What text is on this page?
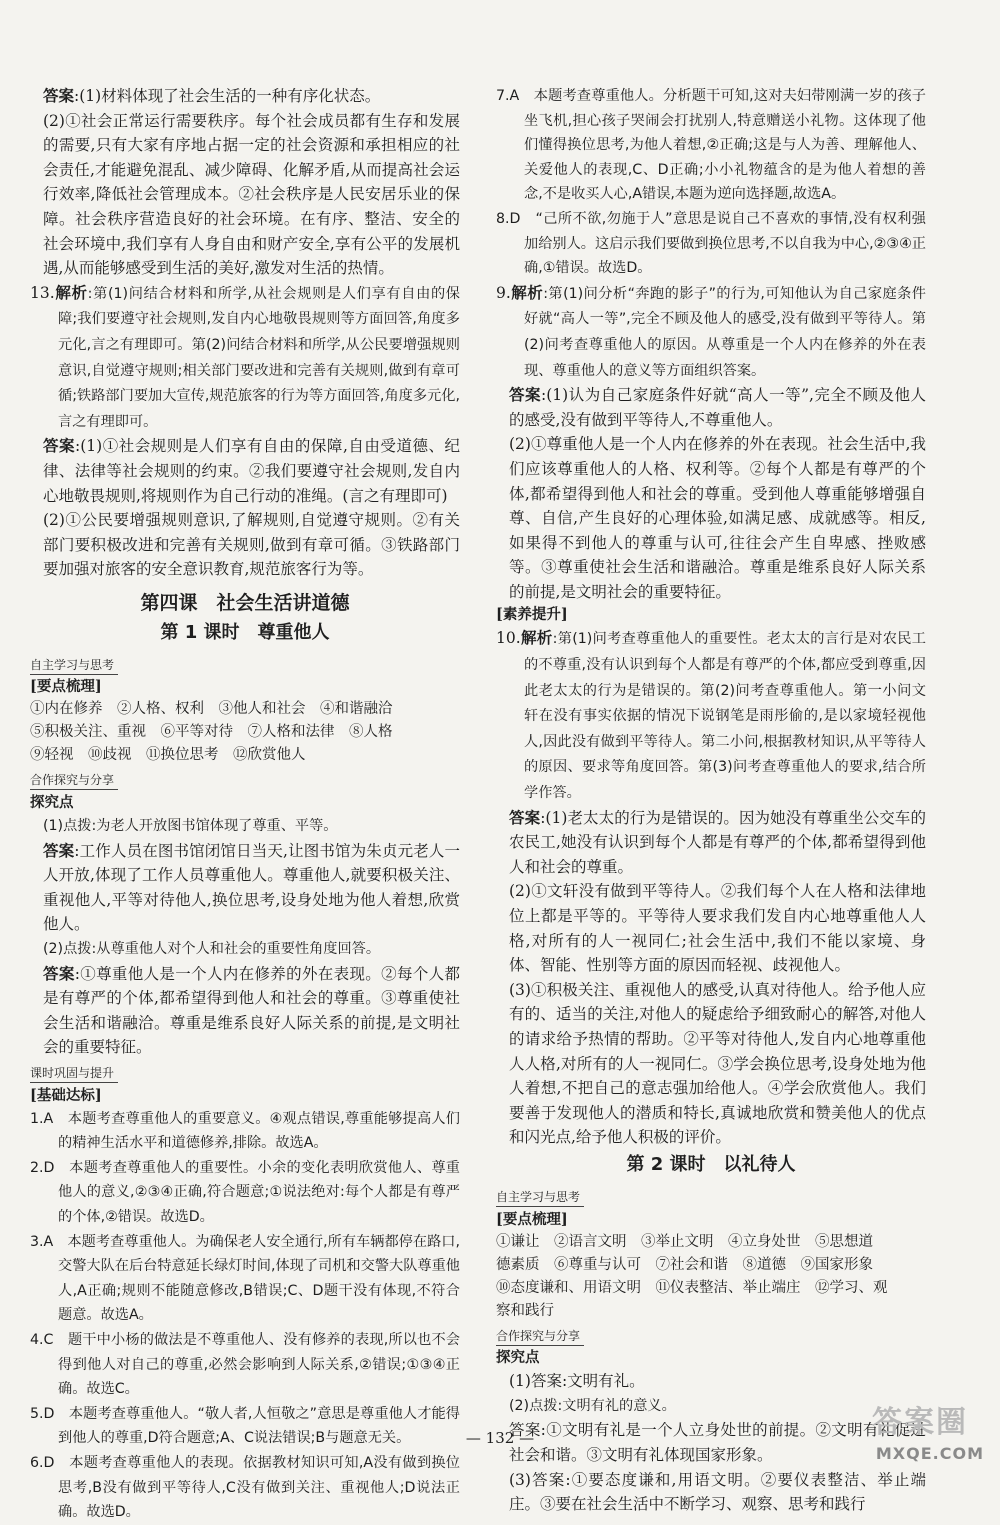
答案:(1)材料体现了社会生活的一种有序化状态。

(2)①社会正常运行需要秩序。每个社会成员都有生存和发展的需要,只有大家有序地占据一定的社会资源和承担相应的社会责任,才能避免混乱、减少障碍、化解矛盾,从而提高社会运行效率,降低社会管理成本。②社会秩序是人民安居乐业的保障。社会秩序营造良好的社会环境。在有序、整洁、安全的社会环境中,我们享有人身自由和财产安全,享有公平的发展机遇,从而能够感受到生活的美好,激发对生活的热情。

13.解析:第(1)问结合材料和所学,从社会规则是人们享有自由的保障;我们要遵守社会规则,发自内心地敬畏规则等方面回答,角度多元化,言之有理即可。第(2)问结合材料和所学,从公民要增强规则意识,自觉遵守规则;相关部门要改进和完善有关规则,做到有章可循;铁路部门要加大宣传,规范旅客的行为等方面回答,角度多元化,言之有理即可。

答案:(1)①社会规则是人们享有自由的保障,自由受道德、纪律、法律等社会规则的约束。②我们要遵守社会规则,发自内心地敬畏规则,将规则作为自己行动的准绳。(言之有理即可)

(2)①公民要增强规则意识,了解规则,自觉遵守规则。②有关部门要积极改进和完善有关规则,做到有章可循。③铁路部门要加强对旅客的安全意识教育,规范旅客行为等。

第四课　社会生活讲道德
第 1 课时　尊重他人
自主学习与思考
[要点梳理]
①内在修养　②人格、权利　③他人和社会　④和谐融洽
⑤积极关注、重视　⑥平等对待　⑦人格和法律　⑧人格
⑨轻视　⑩歧视　⑪换位思考　⑫欣赏他人
合作探究与分享
探究点

(1)点拨:为老人开放图书馆体现了尊重、平等。

答案:工作人员在图书馆闭馆日当天,让图书馆为朱贞元老人一人开放,体现了工作人员尊重他人。尊重他人,就要积极关注、重视他人,平等对待他人,换位思考,设身处地为他人着想,欣赏他人。

(2)点拨:从尊重他人对个人和社会的重要性角度回答。

答案:①尊重他人是一个人内在修养的外在表现。②每个人都是有尊严的个体,都希望得到他人和社会的尊重。③尊重使社会生活和谐融洽。尊重是维系良好人际关系的前提,是文明社会的重要特征。

课时巩固与提升
[基础达标]

1.A　本题考查尊重他人的重要意义。④观点错误,尊重能够提高人们的精神生活水平和道德修养,排除。故选A。

2.D　本题考查尊重他人的重要性。小余的变化表明欣赏他人、尊重他人的意义,②③④正确,符合题意;①说法绝对:每个人都是有尊严的个体,②错误。故选D。

3.A　本题考查尊重他人。为确保老人安全通行,所有车辆都停在路口,交警大队在后台特意延长绿灯时间,体现了司机和交警大队尊重他人,A正确;规则不能随意修改,B错误;C、D题干没有体现,不符合题意。故选A。

4.C　题干中小杨的做法是不尊重他人、没有修养的表现,所以也不会得到他人对自己的尊重,必然会影响到人际关系,②错误;①③④正确。故选C。

5.D　本题考查尊重他人。“敬人者,人恒敬之”意思是尊重他人才能得到他人的尊重,D符合题意;A、C说法错误;B与题意无关。

6.D　本题考查尊重他人的表现。依据教材知识可知,A没有做到换位思考,B没有做到平等待人,C没有做到关注、重视他人;D说法正确。故选D。

7.A　本题考查尊重他人。分析题干可知,这对夫妇带刚满一岁的孩子坐飞机,担心孩子哭闹会打扰别人,特意赠送小礼物。这体现了他们懂得换位思考,为他人着想,②正确;这是与人为善、理解他人、关爱他人的表现,C、D正确;小小礼物蕴含的是为他人着想的善念,不是收买人心,A错误,本题为逆向选择题,故选A。

8.D　“己所不欲,勿施于人”意思是说自己不喜欢的事情,没有权利强加给别人。这启示我们要做到换位思考,不以自我为中心,②③④正确,①错误。故选D。

9.解析:第(1)问分析“奔跑的影子”的行为,可知他认为自己家庭条件好就“高人一等”,完全不顾及他人的感受,没有做到平等待人。第(2)问考查尊重他人的原因。从尊重是一个人内在修养的外在表现、尊重他人的意义等方面组织答案。

答案:(1)认为自己家庭条件好就“高人一等”,完全不顾及他人的感受,没有做到平等待人,不尊重他人。

(2)①尊重他人是一个人内在修养的外在表现。社会生活中,我们应该尊重他人的人格、权利等。②每个人都是有尊严的个体,都希望得到他人和社会的尊重。受到他人尊重能够增强自尊、自信,产生良好的心理体验,如满足感、成就感等。相反,如果得不到他人的尊重与认可,往往会产生自卑感、挫败感等。③尊重使社会生活和谐融洽。尊重是维系良好人际关系的前提,是文明社会的重要特征。

[素养提升]

10.解析:第(1)问考查尊重他人的重要性。老太太的言行是对农民工的不尊重,没有认识到每个人都是有尊严的个体,都应受到尊重,因此老太太的行为是错误的。第(2)问考查尊重他人。第一小问文轩在没有事实依据的情况下说钢笔是雨彤偷的,是以家境轻视他人,因此没有做到平等待人。第二小问,根据教材知识,从平等待人的原因、要求等角度回答。第(3)问考查尊重他人的要求,结合所学作答。

答案:(1)老太太的行为是错误的。因为她没有尊重坐公交车的农民工,她没有认识到每个人都是有尊严的个体,都希望得到他人和社会的尊重。

(2)①文轩没有做到平等待人。②我们每个人在人格和法律地位上都是平等的。平等待人要求我们发自内心地尊重他人人格,对所有的人一视同仁;社会生活中,我们不能以家境、身体、智能、性别等方面的原因而轻视、歧视他人。

(3)①积极关注、重视他人的感受,认真对待他人。给予他人应有的、适当的关注,对他人的疑虑给予细致耐心的解答,对他人的请求给予热情的帮助。②平等对待他人,发自内心地尊重他人人格,对所有的人一视同仁。③学会换位思考,设身处地为他人着想,不把自己的意志强加给他人。④学会欣赏他人。我们要善于发现他人的潜质和特长,真诚地欣赏和赞美他人的优点和闪光点,给予他人积极的评价。

第 2 课时　以礼待人
自主学习与思考
[要点梳理]
①谦让　②语言文明　③举止文明　④立身处世　⑤思想道
德素质　⑥尊重与认可　⑦社会和谐　⑧道德　⑨国家形象
⑩态度谦和、用语文明　⑪仪表整洁、举止端庄　⑫学习、观
察和践行
合作探究与分享
探究点

(1)答案:文明有礼。

(2)点拨:文明有礼的意义。

答案:①文明有礼是一个人立身处世的前提。②文明有礼促进社会和谐。③文明有礼体现国家形象。

(3)答案:①要态度谦和,用语文明。②要仪表整洁、举止端庄。③要在社会生活中不断学习、观察、思考和践行

— 132 —	答案圈
MXQE.COM
